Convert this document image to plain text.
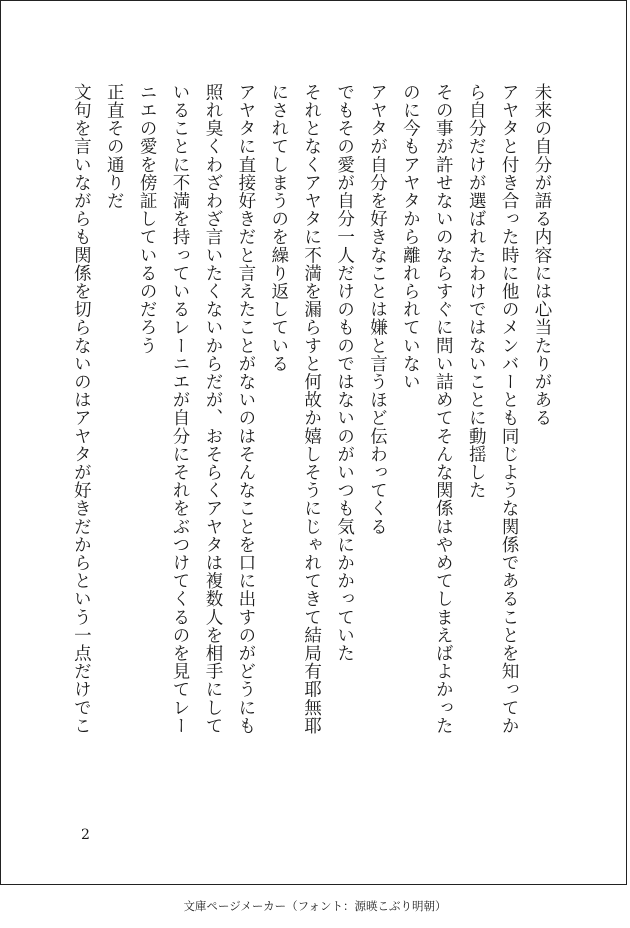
未来の自分が語る内容には心当たりがある
アヤタと付き合った時に他のメンバーとも同じような関係であることを知ってか
ら自分だけが選ばれたわけではないことに動揺した
その事が許せないのならすぐに問い詰めてそんな関係はやめてしまえばよかった
のに今もアヤタから離れられていない
アヤタが自分を好きなことは嫌と言うほど伝わってくる
でもその愛が自分一人だけのものではないのがいつも気にかかっていた
それとなくアヤタに不満を漏らすと何故か嬉しそうにじゃれてきて結局有耶無耶
にされてしまうのを繰り返している
アヤタに直接好きだと言えたことがないのはそんなことを口に出すのがどうにも
照れ臭くわざわざ言いたくないからだが、おそらくアヤタは複数人を相手にして
いることに不満を持っているレーニエが自分にそれをぶつけてくるのを見てレー
ニエの愛を傍証しているのだろう
正直その通りだ
文句を言いながらも関係を切らないのはアヤタが好きだからという一点だけでこ
2
文庫ページメーカー（フォント：源暎こぶり明朝）
